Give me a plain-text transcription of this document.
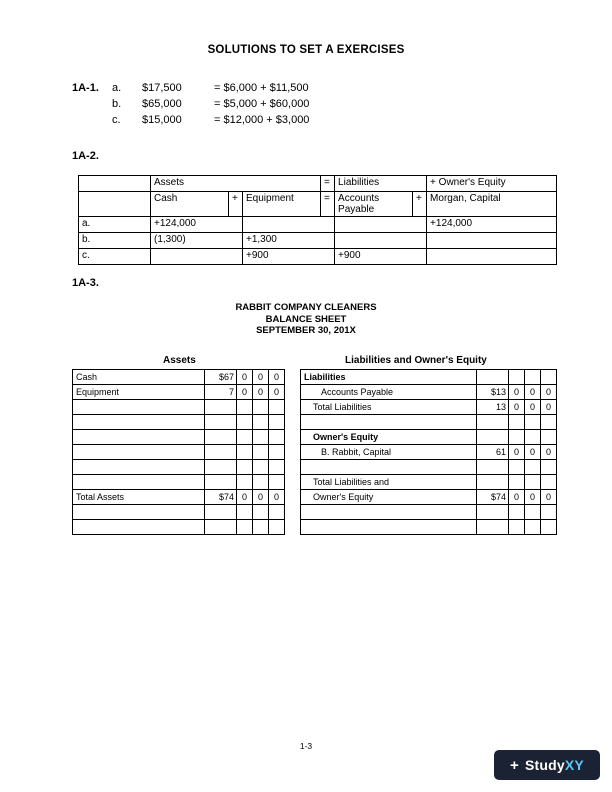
SOLUTIONS TO SET A EXERCISES
1A-1. a.	$17,500	= $6,000 + $11,500
b.	$65,000	= $5,000 + $60,000
c.	$15,000	= $12,000 + $3,000
1A-2.
	Assets			=	Liabilities		+ Owner's Equity
	Cash	+	Equipment	=	Accounts Payable	+	Morgan, Capital
a.	+124,000						+124,000
b.	(1,300)		+1,300				
c.			+900		+900		
1A-3.
RABBIT COMPANY CLEANERS
BALANCE SHEET
SEPTEMBER 30, 201X
Assets	Liabilities and Owner's Equity
Cash	$67	0	0	0
Equipment	7	0	0	0

Total Assets	$74	0	0	0

Liabilities				
Accounts Payable	$13	0	0	0
Total Liabilities	13	0	0	0

Owner's Equity				
B. Rabbit, Capital	61	0	0	0

Total Liabilities and				
Owner's Equity	$74	0	0	0

1-3
+ Study XY
